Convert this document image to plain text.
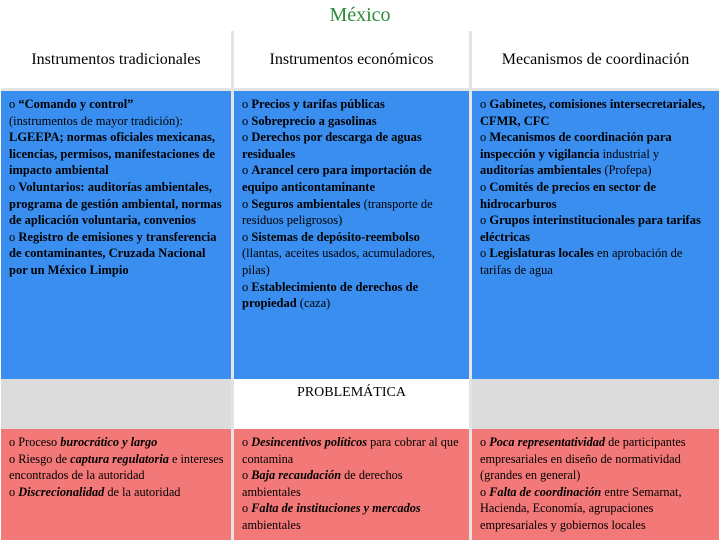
México
Instrumentos tradicionales	Instrumentos económicos	Mecanismos de coordinación
o “Comando y control”
(instrumentos de mayor tradición):
LGEEPA; normas oficiales mexicanas, licencias, permisos, manifestaciones de impacto ambiental
o Voluntarios: auditorías ambientales, programa de gestión ambiental, normas de aplicación voluntaria, convenios
o Registro de emisiones y transferencia de contaminantes, Cruzada Nacional por un México Limpio
o Precios y tarifas públicas
o Sobreprecio a gasolinas
o Derechos por descarga de aguas residuales
o Arancel cero para importación de equipo anticontaminante
o Seguros ambientales (transporte de residuos peligrosos)
o Sistemas de depósito-reembolso (llantas, aceites usados, acumuladores, pilas)
o Establecimiento de derechos de propiedad (caza)
o Gabinetes, comisiones intersecretariales, CFMR, CFC
o Mecanismos de coordinación para inspección y vigilancia industrial y auditorías ambientales (Profepa)
o Comités de precios en sector de hidrocarburos
o Grupos interinstitucionales para tarifas eléctricas
o Legislaturas locales en aprobación de tarifas de agua
PROBLEMÁTICA
o Proceso burocrático y largo
o Riesgo de captura regulatoria e intereses encontrados de la autoridad
o Discrecionalidad de la autoridad
o Desincentivos políticos para cobrar al que contamina
o Baja recaudación de derechos ambientales
o Falta de instituciones y mercados ambientales
o Poca representatividad de participantes empresariales en diseño de normatividad (grandes en general)
o Falta de coordinación entre Semarnat, Hacienda, Economía, agrupaciones empresariales y gobiernos locales
